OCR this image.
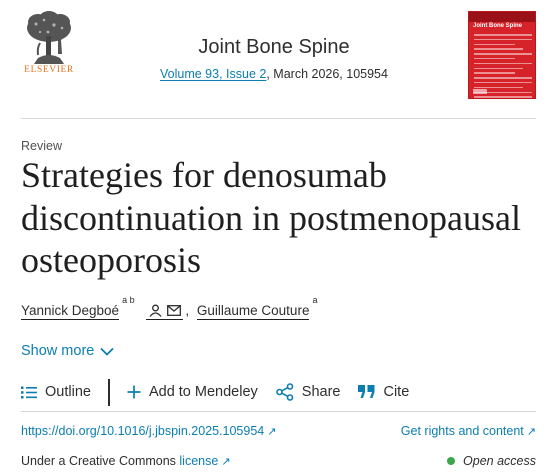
ELSEVIER
Joint Bone Spine
Volume 93, Issue 2, March 2026, 105954
Joint Bone Spine
Review
Strategies for denosumab discontinuation in postmenopausal osteoporosis
Yannick Degboé$^{a b}$
, Guillaume Couture$^a$
Show more
Outline	Add to Mendeley	Share	Cite
https://doi.org/10.1016/j.jbspin.2025.105954 ↗	Get rights and content ↗
Under a Creative Commons license ↗	Open access
